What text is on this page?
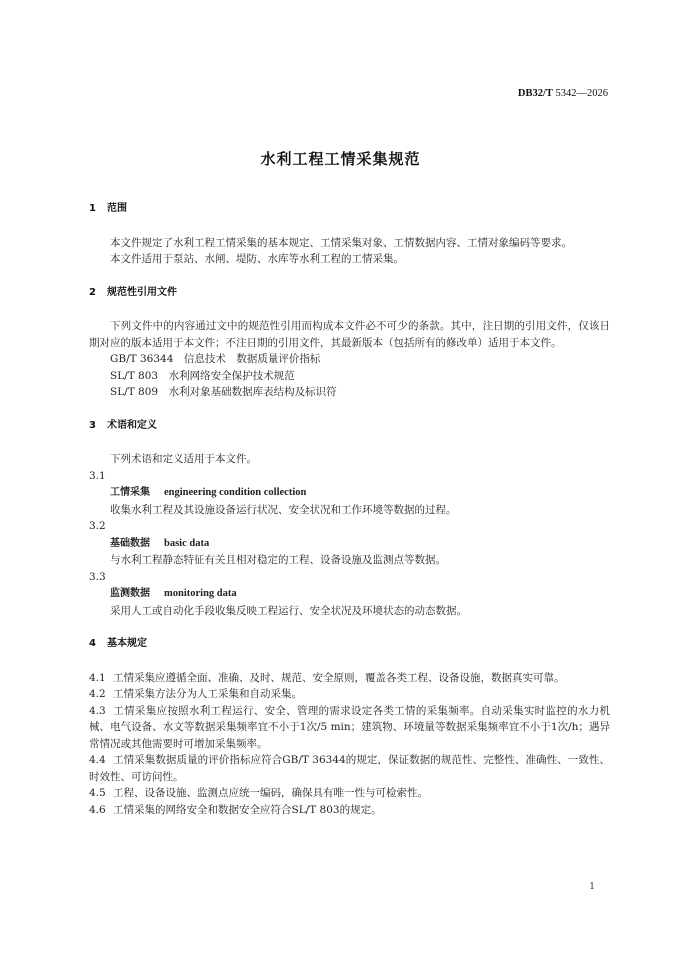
DB32/T 5342—2026
水利工程工情采集规范

1 范围

本文件规定了水利工程工情采集的基本规定、工情采集对象、工情数据内容、工情对象编码等要求。

本文件适用于泵站、水闸、堤防、水库等水利工程的工情采集。

2 规范性引用文件

下列文件中的内容通过文中的规范性引用而构成本文件必不可少的条款。其中，注日期的引用文件，仅该日期对应的版本适用于本文件；不注日期的引用文件，其最新版本（包括所有的修改单）适用于本文件。

GB/T 36344　信息技术　数据质量评价指标

SL/T 803　水利网络安全保护技术规范

SL/T 809　水利对象基础数据库表结构及标识符

3 术语和定义

下列术语和定义适用于本文件。

3.1

工情采集 engineering condition collection

收集水利工程及其设施设备运行状况、安全状况和工作环境等数据的过程。

3.2

基础数据 basic data

与水利工程静态特征有关且相对稳定的工程、设备设施及监测点等数据。

3.3

监测数据 monitoring data

采用人工或自动化手段收集反映工程运行、安全状况及环境状态的动态数据。

4 基本规定

4.1 工情采集应遵循全面、准确、及时、规范、安全原则，覆盖各类工程、设备设施，数据真实可靠。

4.2 工情采集方法分为人工采集和自动采集。

4.3 工情采集应按照水利工程运行、安全、管理的需求设定各类工情的采集频率。自动采集实时监控的水力机械、电气设备、水文等数据采集频率宜不小于1次/5 min；建筑物、环境量等数据采集频率宜不小于1次/h；遇异常情况或其他需要时可增加采集频率。

4.4 工情采集数据质量的评价指标应符合GB/T 36344的规定，保证数据的规范性、完整性、准确性、一致性、时效性、可访问性。

4.5 工程、设备设施、监测点应统一编码，确保具有唯一性与可检索性。

4.6 工情采集的网络安全和数据安全应符合SL/T 803的规定。

1
